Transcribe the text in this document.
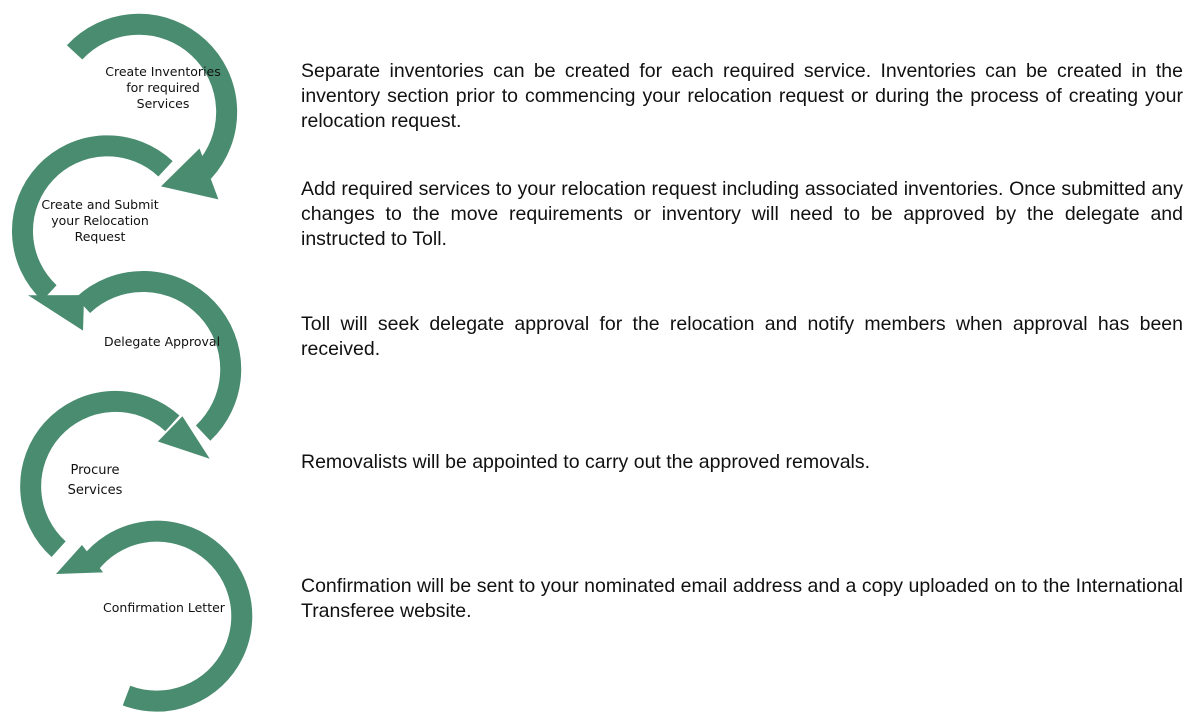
Create Inventories
for required
Services
Create and Submit
your Relocation
Request
Delegate Approval
Procure
Services
Confirmation Letter
Separate inventories can be created for each required service. Inventories can be created in the inventory section prior to commencing your relocation request or during the process of creating your relocation request.
Add required services to your relocation request including associated inventories. Once submitted any changes to the move requirements or inventory will need to be approved by the delegate and instructed to Toll.
Toll will seek delegate approval for the relocation and notify members when approval has been received.
Removalists will be appointed to carry out the approved removals.
Confirmation will be sent to your nominated email address and a copy uploaded on to the International Transferee website.
